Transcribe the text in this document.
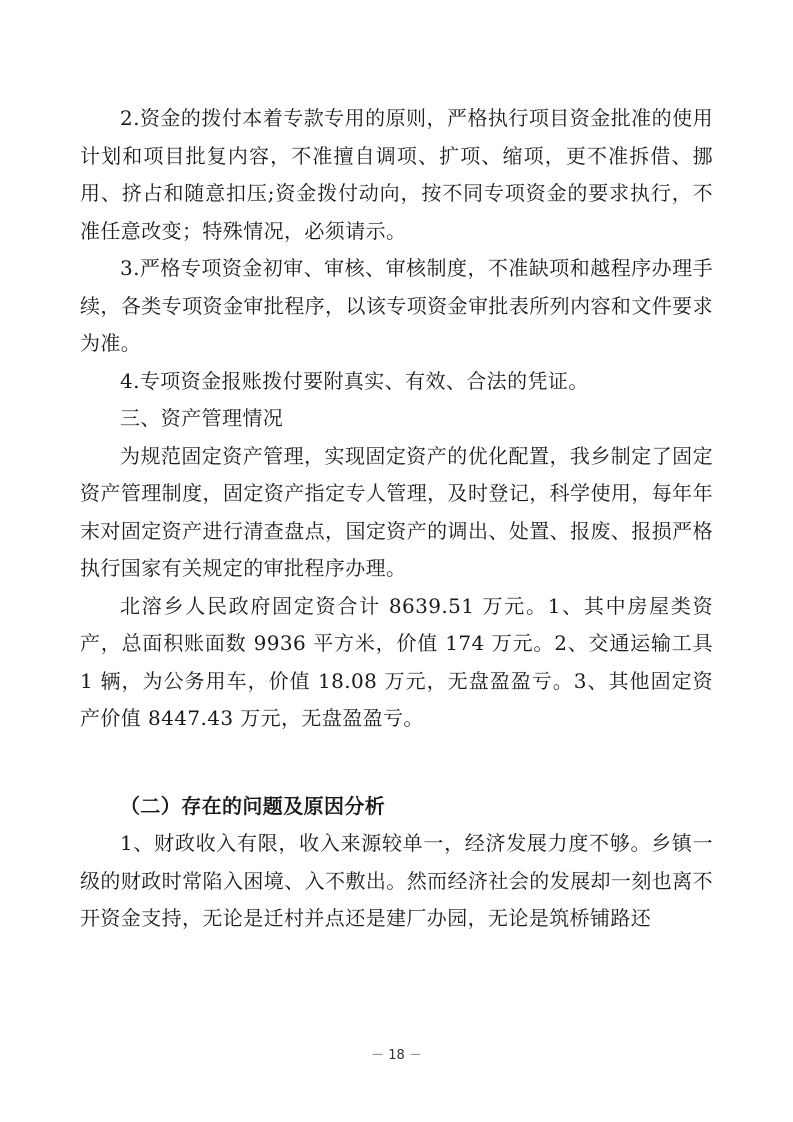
2.资金的拨付本着专款专用的原则，严格执行项目资金批准的使用计划和项目批复内容，不准擅自调项、扩项、缩项，更不准拆借、挪用、挤占和随意扣压;资金拨付动向，按不同专项资金的要求执行，不准任意改变；特殊情况，必须请示。

3.严格专项资金初审、审核、审核制度，不准缺项和越程序办理手续，各类专项资金审批程序，以该专项资金审批表所列内容和文件要求为准。

4.专项资金报账拨付要附真实、有效、合法的凭证。

三、资产管理情况

为规范固定资产管理，实现固定资产的优化配置，我乡制定了固定资产管理制度，固定资产指定专人管理，及时登记，科学使用，每年年末对固定资产进行清查盘点，国定资产的调出、处置、报废、报损严格执行国家有关规定的审批程序办理。

北溶乡人民政府固定资合计 8639.51 万元。1、其中房屋类资产，总面积账面数 9936 平方米，价值 174 万元。2、交通运输工具 1 辆，为公务用车，价值 18.08 万元，无盘盈盈亏。3、其他固定资产价值 8447.43 万元，无盘盈盈亏。

（二）存在的问题及原因分析

1、财政收入有限，收入来源较单一，经济发展力度不够。乡镇一级的财政时常陷入困境、入不敷出。然而经济社会的发展却一刻也离不开资金支持，无论是迁村并点还是建厂办园，无论是筑桥铺路还

－ 18 －
